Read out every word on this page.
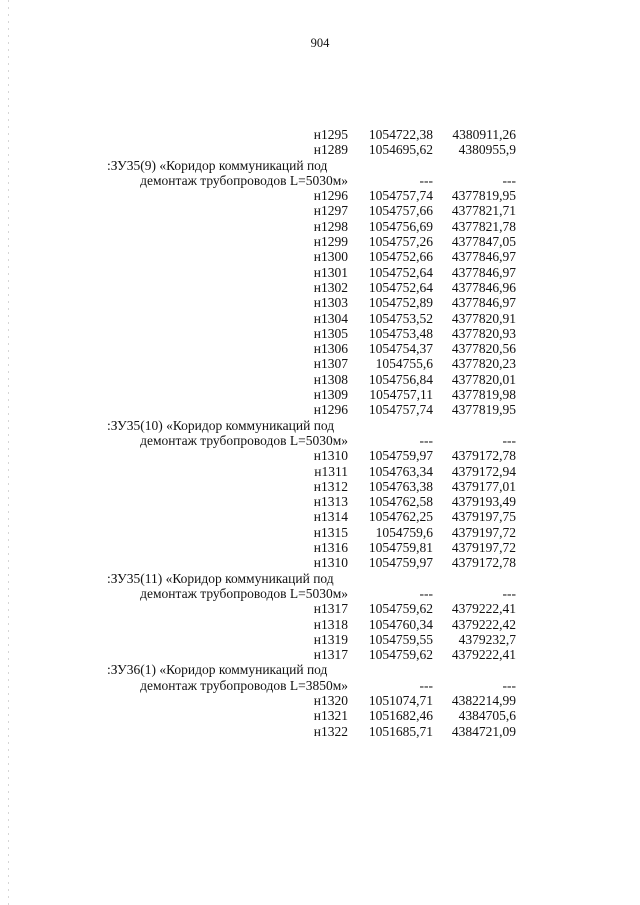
904
н1295 1054722,38 4380911,26
н1289 1054695,62 4380955,9
:ЗУ35(9) «Коридор коммуникаций под
демонтаж трубопроводов L=5030м»	---	---
н1296 1054757,74 4377819,95
н1297 1054757,66 4377821,71
н1298 1054756,69 4377821,78
н1299 1054757,26 4377847,05
н1300 1054752,66 4377846,97
н1301 1054752,64 4377846,97
н1302 1054752,64 4377846,96
н1303 1054752,89 4377846,97
н1304 1054753,52 4377820,91
н1305 1054753,48 4377820,93
н1306 1054754,37 4377820,56
н1307 1054755,6 4377820,23
н1308 1054756,84 4377820,01
н1309 1054757,11 4377819,98
н1296 1054757,74 4377819,95
:ЗУ35(10) «Коридор коммуникаций под
демонтаж трубопроводов L=5030м»	---	---
н1310 1054759,97 4379172,78
н1311 1054763,34 4379172,94
н1312 1054763,38 4379177,01
н1313 1054762,58 4379193,49
н1314 1054762,25 4379197,75
н1315 1054759,6 4379197,72
н1316 1054759,81 4379197,72
н1310 1054759,97 4379172,78
:ЗУ35(11) «Коридор коммуникаций под
демонтаж трубопроводов L=5030м»	---	---
н1317 1054759,62 4379222,41
н1318 1054760,34 4379222,42
н1319 1054759,55 4379232,7
н1317 1054759,62 4379222,41
:ЗУ36(1) «Коридор коммуникаций под
демонтаж трубопроводов L=3850м»	---	---
н1320 1051074,71 4382214,99
н1321 1051682,46 4384705,6
н1322 1051685,71 4384721,09
